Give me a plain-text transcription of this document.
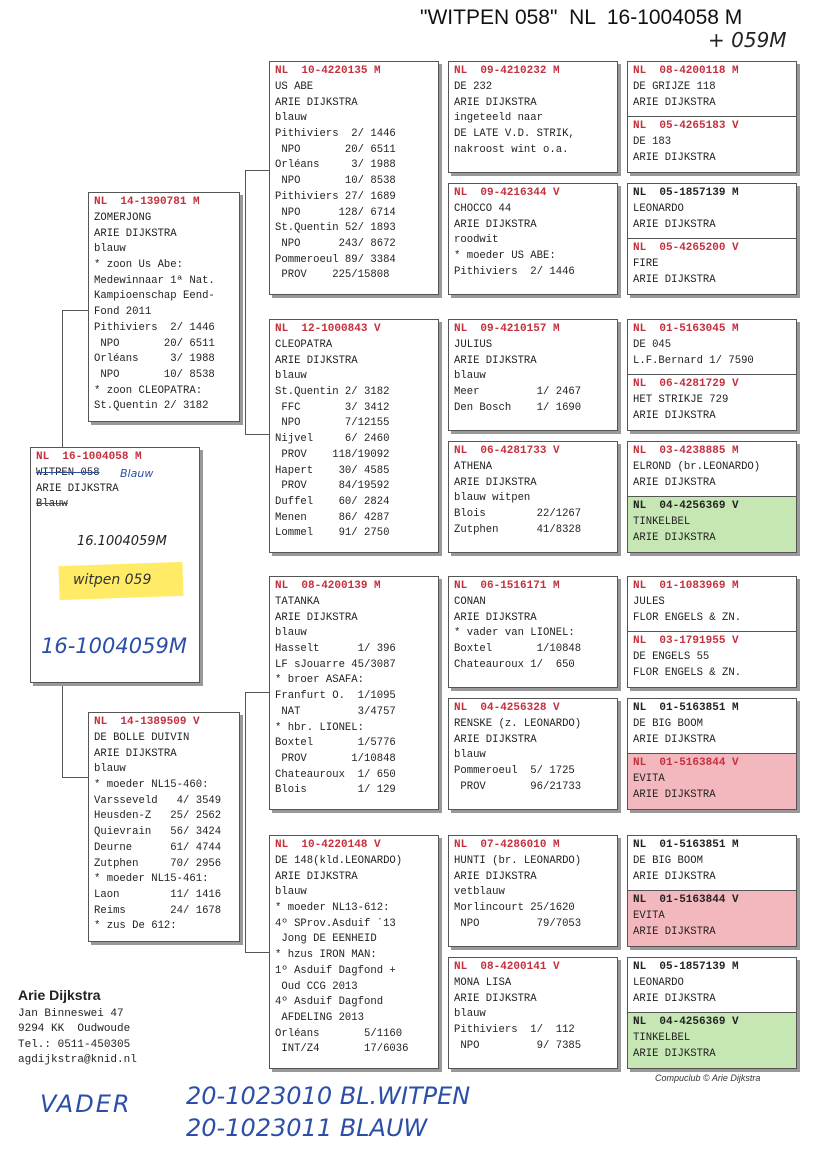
"WITPEN 058"  NL  16-1004058 M
+ 059M
NL  16-1004058 M
WITPEN 058
ARIE DIJKSTRA
Blauw
16.1004059M
witpen 059
16-1004059M
Blauw
NL  14-1390781 M
ZOMERJONG
ARIE DIJKSTRA
blauw
* zoon Us Abe:
Medewinnaar 1ª Nat.
Kampioenschap Eend-
Fond 2011
Pithiviers  2/ 1446
NPO       20/ 6511
Orléans     3/ 1988
NPO       10/ 8538
* zoon CLEOPATRA:
St.Quentin 2/ 3182
NL  14-1389509 V
DE BOLLE DUIVIN
ARIE DIJKSTRA
blauw
* moeder NL15-460:
Varsseveld   4/ 3549
Heusden-Z   25/ 2562
Quievrain   56/ 3424
Deurne      61/ 4744
Zutphen     70/ 2956
* moeder NL15-461:
Laon        11/ 1416
Reims       24/ 1678
* zus De 612:
NL  10-4220135 M
US ABE
ARIE DIJKSTRA
blauw
Pithiviers  2/ 1446
NPO       20/ 6511
Orléans     3/ 1988
NPO       10/ 8538
Pithiviers 27/ 1689
NPO      128/ 6714
St.Quentin 52/ 1893
NPO      243/ 8672
Pommeroeul 89/ 3384
PROV    225/15808
NL  12-1000843 V
CLEOPATRA
ARIE DIJKSTRA
blauw
St.Quentin 2/ 3182
FFC       3/ 3412
NPO       7/12155
Nijvel     6/ 2460
PROV    118/19092
Hapert    30/ 4585
PROV     84/19592
Duffel    60/ 2824
Menen     86/ 4287
Lommel    91/ 2750
NL  08-4200139 M
TATANKA
ARIE DIJKSTRA
blauw
Hasselt      1/ 396
LF sJouarre 45/3087
* broer ASAFA:
Franfurt O.  1/1095
NAT         3/4757
* hbr. LIONEL:
Boxtel       1/5776
PROV       1/10848
Chateauroux  1/ 650
Blois        1/ 129
NL  10-4220148 V
DE 148(kld.LEONARDO)
ARIE DIJKSTRA
blauw
* moeder NL13-612:
4º SProv.Asduif ´13
Jong DE EENHEID
* hzus IRON MAN:
1º Asduif Dagfond +
Oud CCG 2013
4º Asduif Dagfond
AFDELING 2013
Orléans       5/1160
INT/Z4       17/6036
NL  09-4210232 M
DE 232
ARIE DIJKSTRA
ingeteeld naar
DE LATE V.D. STRIK,
nakroost wint o.a.
NL  09-4216344 V
CHOCCO 44
ARIE DIJKSTRA
roodwit
* moeder US ABE:
Pithiviers  2/ 1446
NL  09-4210157 M
JULIUS
ARIE DIJKSTRA
blauw
Meer         1/ 2467
Den Bosch    1/ 1690
NL  06-4281733 V
ATHENA
ARIE DIJKSTRA
blauw witpen
Blois        22/1267
Zutphen      41/8328
NL  06-1516171 M
CONAN
ARIE DIJKSTRA
* vader van LIONEL:
Boxtel       1/10848
Chateauroux 1/  650
NL  04-4256328 V
RENSKE (z. LEONARDO)
ARIE DIJKSTRA
blauw
Pommeroeul  5/ 1725
PROV       96/21733
NL  07-4286010 M
HUNTI (br. LEONARDO)
ARIE DIJKSTRA
vetblauw
Morlincourt 25/1620
NPO         79/7053
NL  08-4200141 V
MONA LISA
ARIE DIJKSTRA
blauw
Pithiviers  1/  112
NPO         9/ 7385
NL  08-4200118 M
DE GRIJZE 118
ARIE DIJKSTRA
NL  05-4265183 V
DE 183
ARIE DIJKSTRA
NL  05-1857139 M
LEONARDO
ARIE DIJKSTRA
NL  05-4265200 V
FIRE
ARIE DIJKSTRA
NL  01-5163045 M
DE 045
L.F.Bernard 1/ 7590
NL  06-4281729 V
HET STRIKJE 729
ARIE DIJKSTRA
NL  03-4238885 M
ELROND (br.LEONARDO)
ARIE DIJKSTRA
NL  04-4256369 V
TINKELBEL
ARIE DIJKSTRA
NL  01-1083969 M
JULES
FLOR ENGELS & ZN.
NL  03-1791955 V
DE ENGELS 55
FLOR ENGELS & ZN.
NL  01-5163851 M
DE BIG BOOM
ARIE DIJKSTRA
NL  01-5163844 V
EVITA
ARIE DIJKSTRA
NL  01-5163851 M
DE BIG BOOM
ARIE DIJKSTRA
NL  01-5163844 V
EVITA
ARIE DIJKSTRA
NL  05-1857139 M
LEONARDO
ARIE DIJKSTRA
NL  04-4256369 V
TINKELBEL
ARIE DIJKSTRA
Arie Dijkstra
Jan Binneswei 47
9294 KK  Oudwoude
Tel.: 0511-450305
agdijkstra@knid.nl
Compuclub © Arie Dijkstra
VADER 20-1023010 BL.WITPEN
20-1023011 BLAUW
